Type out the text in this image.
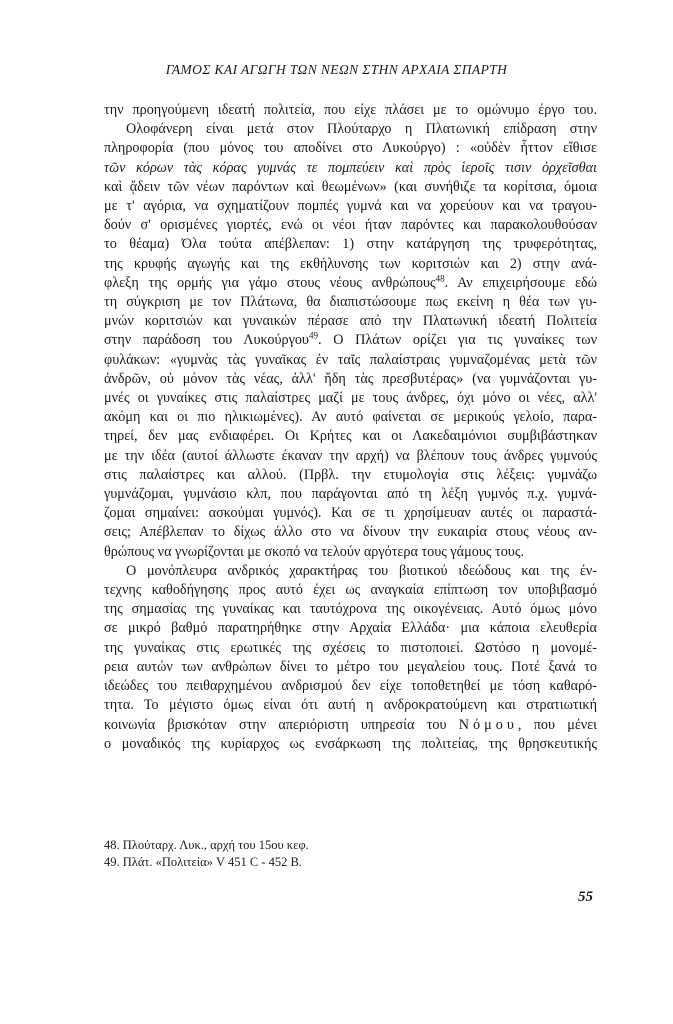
ΓΑΜΟΣ ΚΑΙ ΑΓΩΓΗ ΤΩΝ ΝΕΩΝ ΣΤΗΝ ΑΡΧΑΙΑ ΣΠΑΡΤΗ
την προηγούμενη ιδεατή πολιτεία, που είχε πλάσει με το ομώνυμο έργο του.
Ολοφάνερη είναι μετά στον Πλούταρχο η Πλατωνική επίδραση στην
πληροφορία (που μόνος του αποδίνει στο Λυκούργο) : «οὐδὲν ἧττον εἴθισε
τῶν κόρων τὰς κόρας γυμνάς τε πομπεύειν καὶ πρὸς ἱεροῖς τισιν ὀρχεῖσθαι
καὶ ᾄδειν τῶν νέων παρόντων καὶ θεωμένων» (και συνήθιζε τα κορίτσια, όμοια
με τ' αγόρια, να σχηματίζουν πομπές γυμνά και να χορεύουν και να τραγου-
δούν σ' ορισμένες γιορτές, ενώ οι νέοι ήταν παρόντες και παρακολουθούσαν
το θέαμα) Όλα τούτα απέβλεπαν: 1) στην κατάργηση της τρυφερότητας,
της κρυφής αγωγής και της εκθήλυνσης των κοριτσιών και 2) στην ανά-
φλεξη της ορμής για γάμο στους νέους ανθρώπους$^{48}$. Αν επιχειρήσουμε εδώ
τη σύγκριση με τον Πλάτωνα, θα διαπιστώσουμε πως εκείνη η θέα των γυ-
μνών κοριτσιών και γυναικών πέρασε από την Πλατωνική ιδεατή Πολιτεία
στην παράδοση του Λυκούργου$^{49}$. Ο Πλάτων ορίζει για τις γυναίκες των
φυλάκων: «γυμνὰς τὰς γυναῖκας ἐν ταῖς παλαίστραις γυμναζομένας μετὰ τῶν
ἀνδρῶν, οὐ μόνον τὰς νέας, ἀλλ' ἤδη τὰς πρεσβυτέρας» (να γυμνάζονται γυ-
μνές οι γυναίκες στις παλαίστρες μαζί με τους άνδρες, όχι μόνο οι νέες, αλλ'
ακόμη και οι πιο ηλικιωμένες). Αν αυτό φαίνεται σε μερικούς γελοίο, παρα-
τηρεί, δεν μας ενδιαφέρει. Οι Κρήτες και οι Λακεδαιμόνιοι συμβιβάστηκαν
με την ιδέα (αυτοί άλλωστε έκαναν την αρχή) να βλέπουν τους άνδρες γυμνούς
στις παλαίστρες και αλλού. (Πρβλ. την ετυμολογία στις λέξεις: γυμνάζω
γυμνάζομαι, γυμνάσιο κλπ, που παράγονται από τη λέξη γυμνός π.χ. γυμνά-
ζομαι σημαίνει: ασκούμαι γυμνός). Και σε τι χρησίμευαν αυτές οι παραστά-
σεις; Απέβλεπαν το δίχως άλλο στο να δίνουν την ευκαιρία στους νέους αν-
θρώπους να γνωρίζονται με σκοπό να τελούν αργότερα τους γάμους τους.
Ο μονόπλευρα ανδρικός χαρακτήρας του βιοτικού ιδεώδους και της έν-
τεχνης καθοδήγησης προς αυτό έχει ως αναγκαία επίπτωση τον υποβιβασμό
της σημασίας της γυναίκας και ταυτόχρονα της οικογένειας. Αυτό όμως μόνο
σε μικρό βαθμό παρατηρήθηκε στην Αρχαία Ελλάδα· μια κάποια ελευθερία
της γυναίκας στις ερωτικές της σχέσεις το πιστοποιεί. Ωστόσο η μονομέ-
ρεια αυτών των ανθρώπων δίνει το μέτρο του μεγαλείου τους. Ποτέ ξανά το
ιδεώδες του πειθαρχημένου ανδρισμού δεν είχε τοποθετηθεί με τόση καθαρό-
τητα. Το μέγιστο όμως είναι ότι αυτή η ανδροκρατούμενη και στρατιωτική
κοινωνία βρισκόταν στην απεριόριστη υπηρεσία του Νόμου, που μένει
ο μοναδικός της κυρίαρχος ως ενσάρκωση της πολιτείας, της θρησκευτικής
48. Πλούταρχ. Λυκ., αρχή του 15ου κεφ.
49. Πλάτ. «Πολιτεία» V 451 C - 452 B.
55
